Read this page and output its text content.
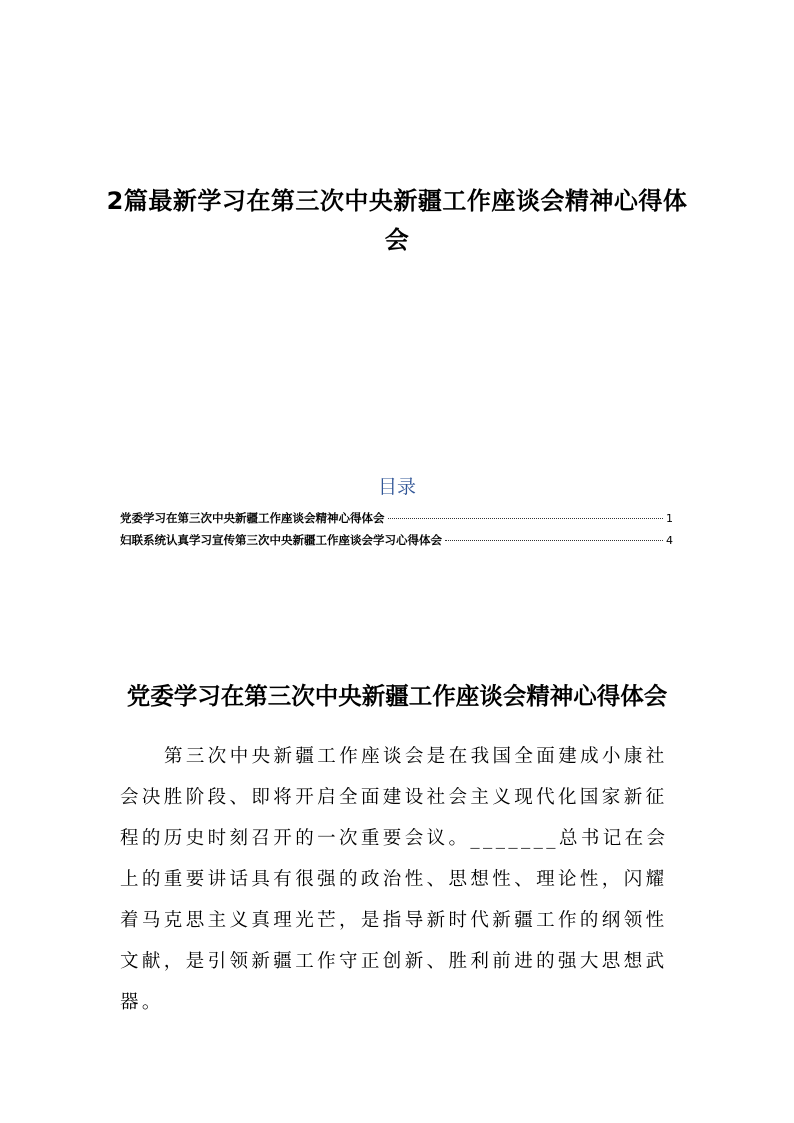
2篇最新学习在第三次中央新疆工作座谈会精神心得体会
目录
党委学习在第三次中央新疆工作座谈会精神心得体会	1
妇联系统认真学习宣传第三次中央新疆工作座谈会学习心得体会	4
党委学习在第三次中央新疆工作座谈会精神心得体会

第三次中央新疆工作座谈会是在我国全面建成小康社会决胜阶段、即将开启全面建设社会主义现代化国家新征程的历史时刻召开的一次重要会议。_______总书记在会上的重要讲话具有很强的政治性、思想性、理论性，闪耀着马克思主义真理光芒，是指导新时代新疆工作的纲领性文献，是引领新疆工作守正创新、胜利前进的强大思想武器。
